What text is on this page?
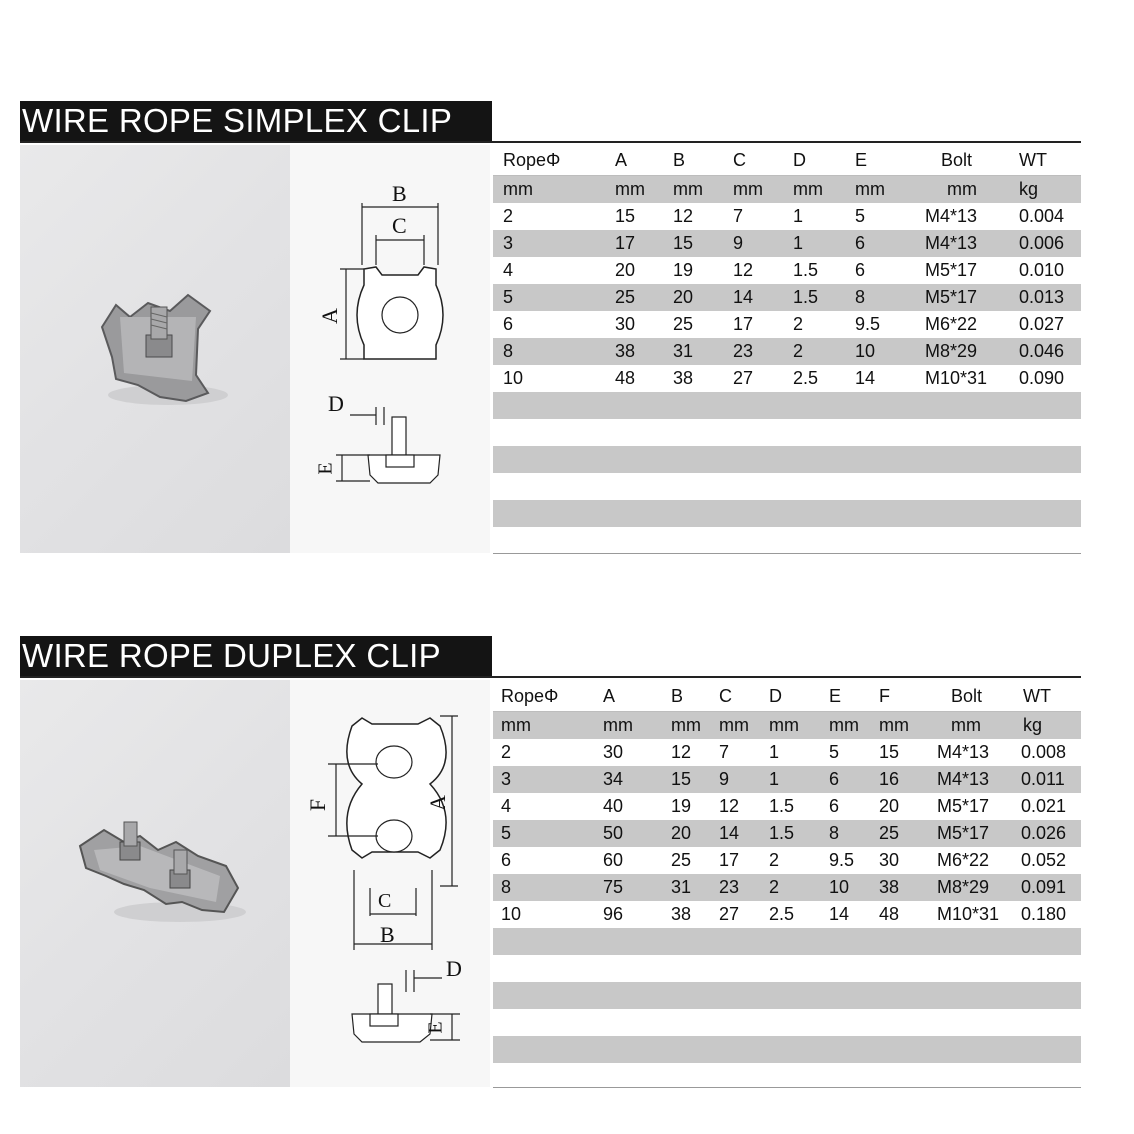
WIRE ROPE SIMPLEX CLIP
B
C
A
D
E
RopeΦ	A	B	C	D	E	Bolt	WT
mm	mm mm mm mm mm	mm kg
2	15 12 7	1	5	M4*13 0.004
3	17 15 9	1	6	M4*13 0.006
4	20 19 12 1.5 6	M5*17 0.010
5	25 20 14 1.5 8	M5*17 0.013
6	30 25 17 2	9.5 M6*22 0.027
8	38 31 23 2	10	M8*29 0.046
10	48 38 27 2.5 14	M10*31 0.090
WIRE ROPE DUPLEX CLIP
F	A
C
B
D
E
RopeΦ A	B C D	E F	Bolt WT
mm	mm mm mm mm mm mm mm kg
2	30	12 7 1	5 15 M4*13 0.008
3	34	15 9 1	6 16 M4*13 0.011
4	40	19 12 1.5 6 20 M5*17 0.021
5	50	20 14 1.5 8 25 M5*17 0.026
6	60	25 17 2	9.5 30 M6*22 0.052
8	75	31 23 2	10 38 M8*29 0.091
10	96	38 27 2.5 14 48 M10*31 0.180
